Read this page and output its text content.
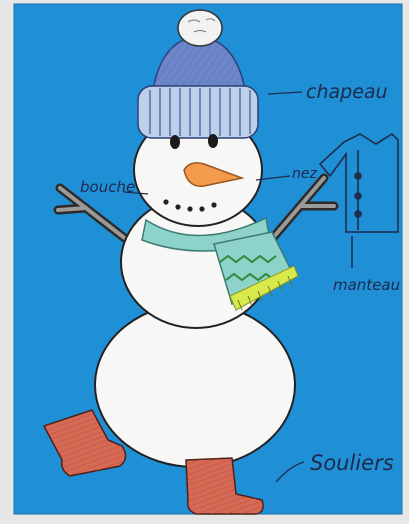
chapeau
nez
bouche
manteau
Souliers
